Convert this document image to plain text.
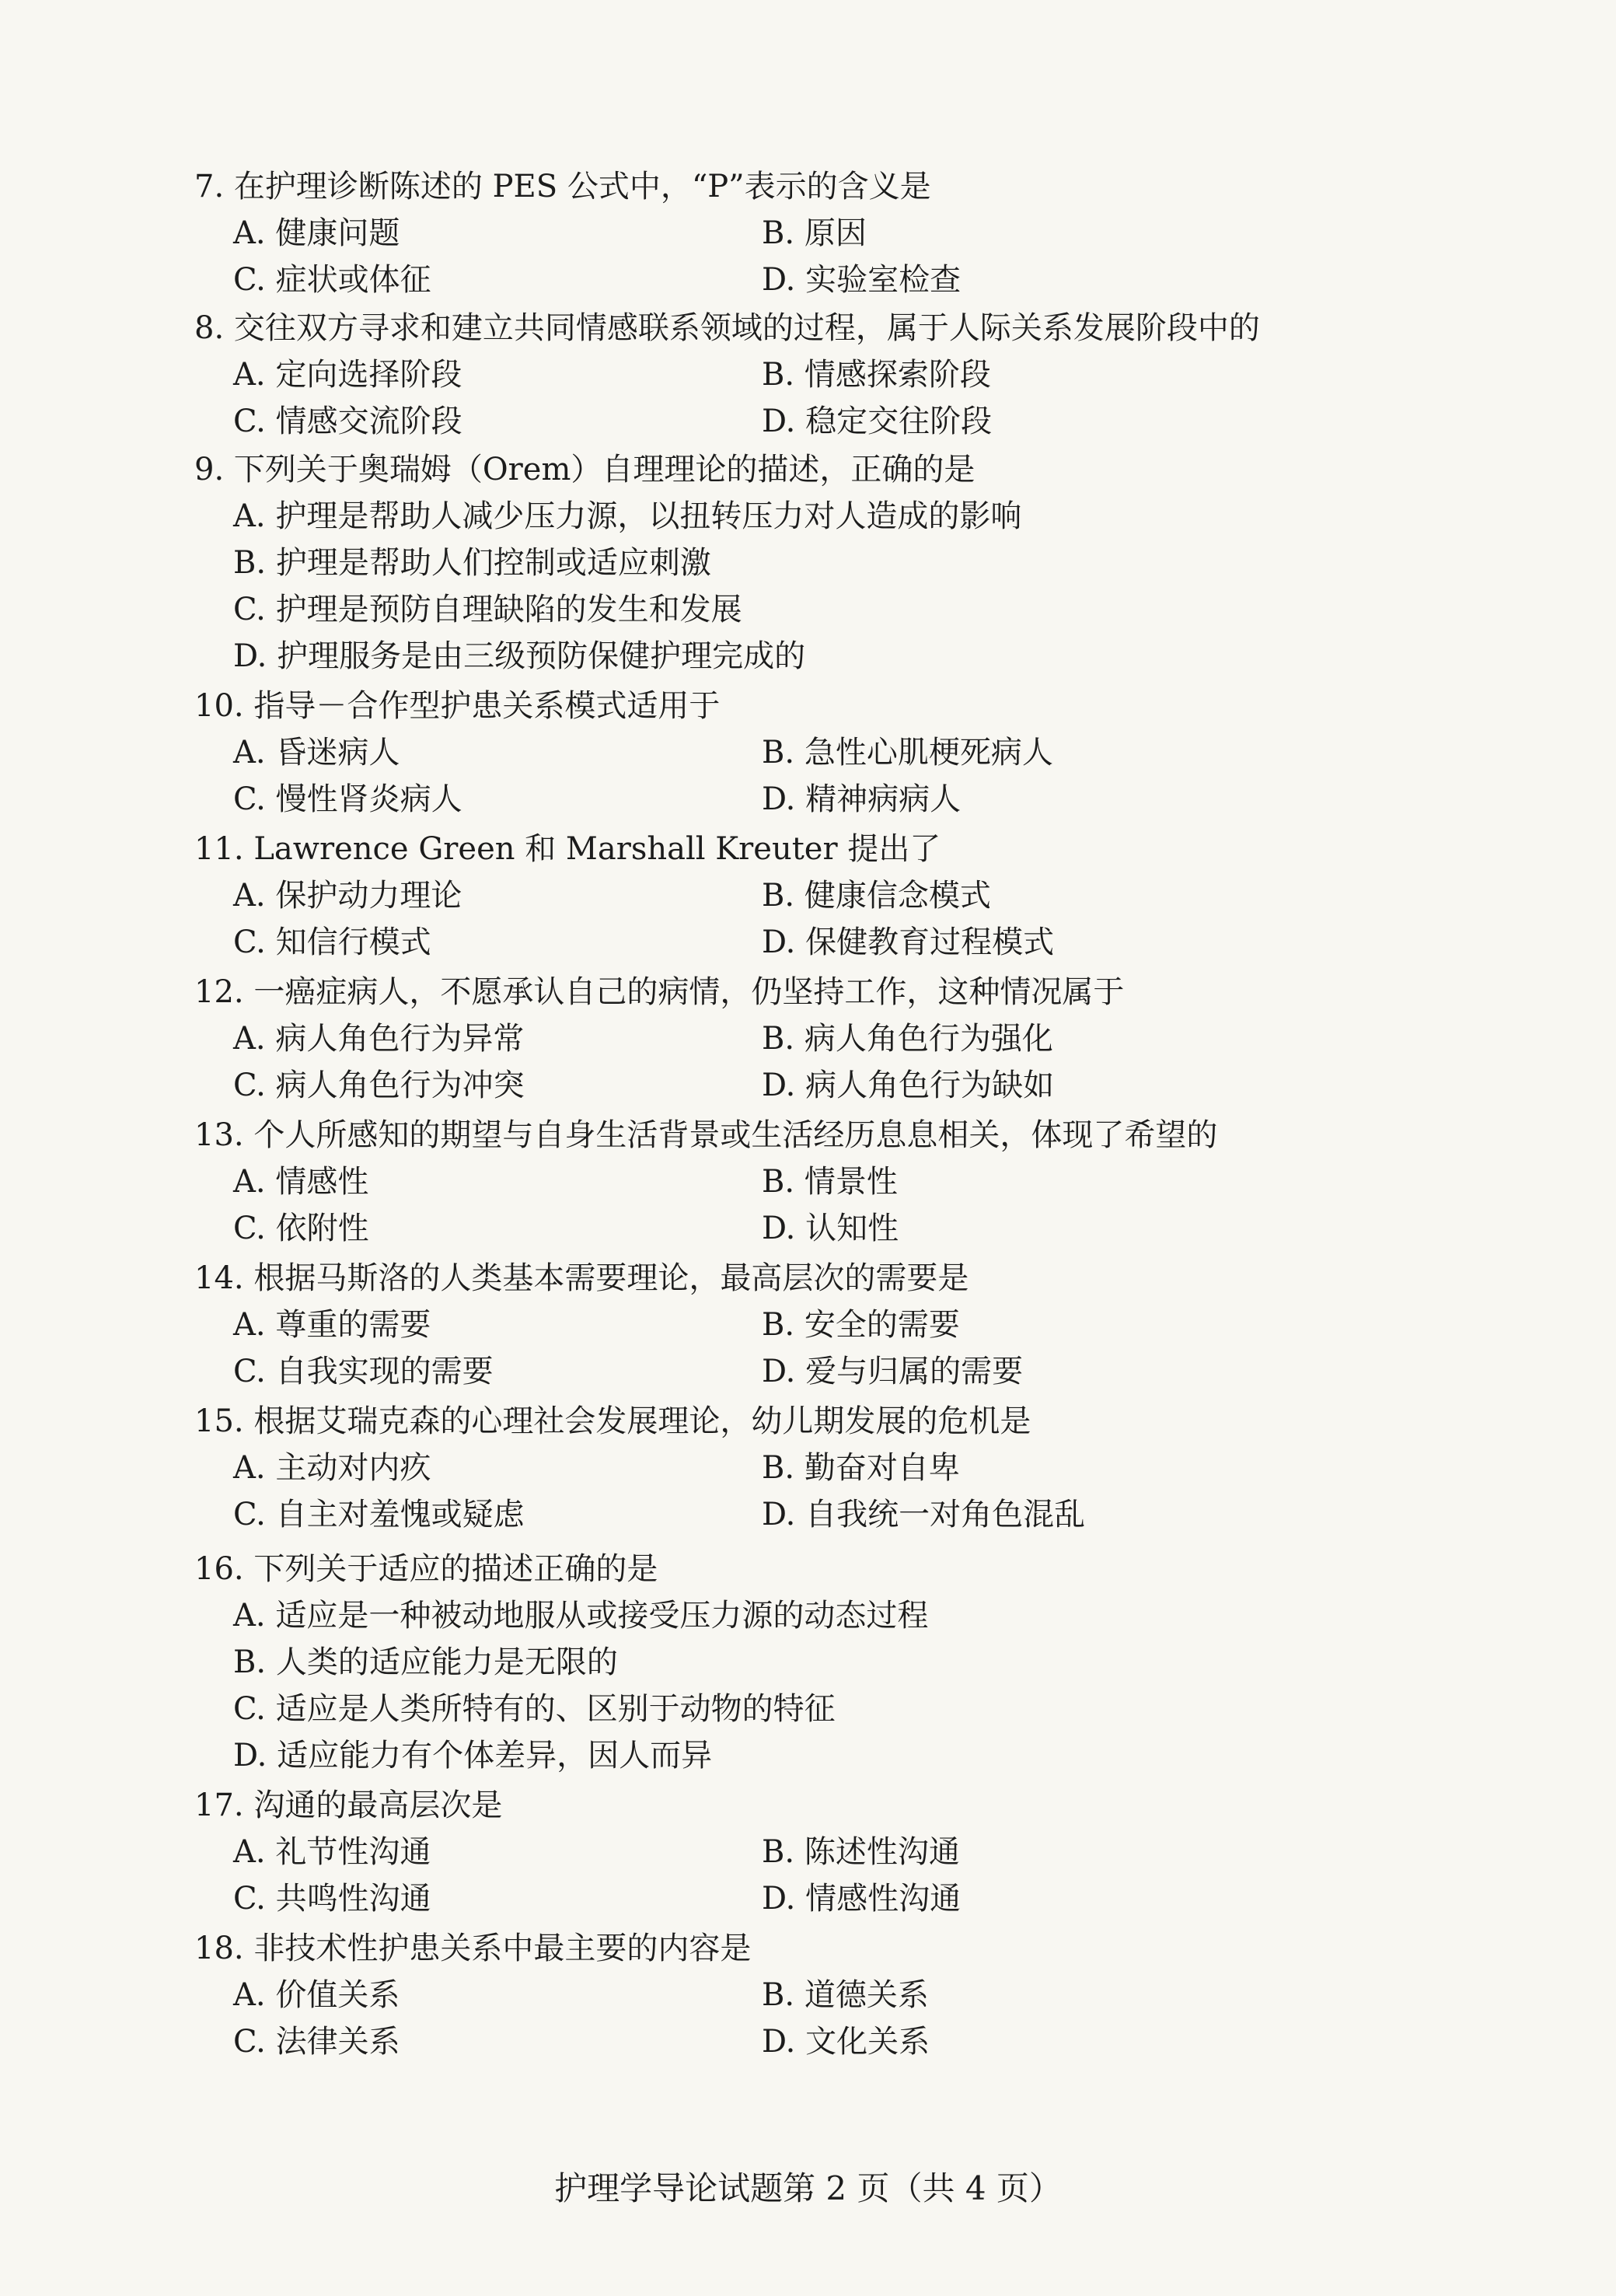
7. 在护理诊断陈述的 PES 公式中，“P”表示的含义是
A. 健康问题	B. 原因
C. 症状或体征	D. 实验室检查
8. 交往双方寻求和建立共同情感联系领域的过程，属于人际关系发展阶段中的
A. 定向选择阶段	B. 情感探索阶段
C. 情感交流阶段	D. 稳定交往阶段
9. 下列关于奥瑞姆（Orem）自理理论的描述，正确的是
A. 护理是帮助人减少压力源，以扭转压力对人造成的影响
B. 护理是帮助人们控制或适应刺激
C. 护理是预防自理缺陷的发生和发展
D. 护理服务是由三级预防保健护理完成的
10. 指导－合作型护患关系模式适用于
A. 昏迷病人	B. 急性心肌梗死病人
C. 慢性肾炎病人	D. 精神病病人
11. Lawrence Green 和 Marshall Kreuter 提出了
A. 保护动力理论	B. 健康信念模式
C. 知信行模式	D. 保健教育过程模式
12. 一癌症病人，不愿承认自己的病情，仍坚持工作，这种情况属于
A. 病人角色行为异常	B. 病人角色行为强化
C. 病人角色行为冲突	D. 病人角色行为缺如
13. 个人所感知的期望与自身生活背景或生活经历息息相关，体现了希望的
A. 情感性	B. 情景性
C. 依附性	D. 认知性
14. 根据马斯洛的人类基本需要理论，最高层次的需要是
A. 尊重的需要	B. 安全的需要
C. 自我实现的需要	D. 爱与归属的需要
15. 根据艾瑞克森的心理社会发展理论，幼儿期发展的危机是
A. 主动对内疚	B. 勤奋对自卑
C. 自主对羞愧或疑虑	D. 自我统一对角色混乱
16. 下列关于适应的描述正确的是
A. 适应是一种被动地服从或接受压力源的动态过程
B. 人类的适应能力是无限的
C. 适应是人类所特有的、区别于动物的特征
D. 适应能力有个体差异，因人而异
17. 沟通的最高层次是
A. 礼节性沟通	B. 陈述性沟通
C. 共鸣性沟通	D. 情感性沟通
18. 非技术性护患关系中最主要的内容是
A. 价值关系	B. 道德关系
C. 法律关系	D. 文化关系
护理学导论试题第 2 页（共 4 页）
